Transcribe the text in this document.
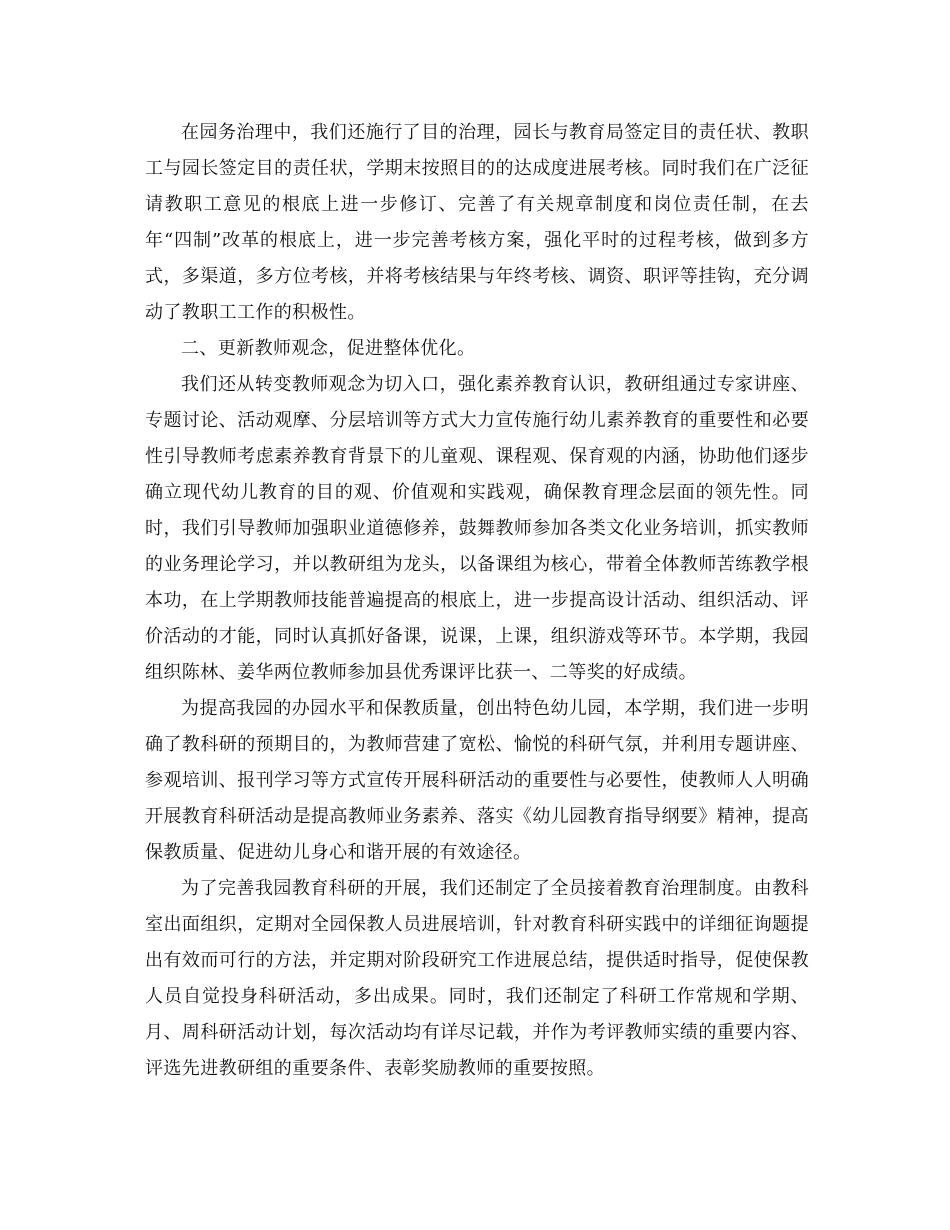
在园务治理中，我们还施行了目的治理，园长与教育局签定目的责任状、教职工与园长签定目的责任状，学期末按照目的的达成度进展考核。同时我们在广泛征请教职工意见的根底上进一步修订、完善了有关规章制度和岗位责任制，在去年“四制”改革的根底上，进一步完善考核方案，强化平时的过程考核，做到多方式，多渠道，多方位考核，并将考核结果与年终考核、调资、职评等挂钩，充分调动了教职工工作的积极性。

二、更新教师观念，促进整体优化。

我们还从转变教师观念为切入口，强化素养教育认识，教研组通过专家讲座、专题讨论、活动观摩、分层培训等方式大力宣传施行幼儿素养教育的重要性和必要性引导教师考虑素养教育背景下的儿童观、课程观、保育观的内涵，协助他们逐步确立现代幼儿教育的目的观、价值观和实践观，确保教育理念层面的领先性。同时，我们引导教师加强职业道德修养，鼓舞教师参加各类文化业务培训，抓实教师的业务理论学习，并以教研组为龙头，以备课组为核心，带着全体教师苦练教学根本功，在上学期教师技能普遍提高的根底上，进一步提高设计活动、组织活动、评价活动的才能，同时认真抓好备课，说课，上课，组织游戏等环节。本学期，我园组织陈林、姜华两位教师参加县优秀课评比获一、二等奖的好成绩。

为提高我园的办园水平和保教质量，创出特色幼儿园，本学期，我们进一步明确了教科研的预期目的，为教师营建了宽松、愉悦的科研气氛，并利用专题讲座、参观培训、报刊学习等方式宣传开展科研活动的重要性与必要性，使教师人人明确开展教育科研活动是提高教师业务素养、落实《幼儿园教育指导纲要》精神，提高保教质量、促进幼儿身心和谐开展的有效途径。

为了完善我园教育科研的开展，我们还制定了全员接着教育治理制度。由教科室出面组织，定期对全园保教人员进展培训，针对教育科研实践中的详细征询题提出有效而可行的方法，并定期对阶段研究工作进展总结，提供适时指导，促使保教人员自觉投身科研活动，多出成果。同时，我们还制定了科研工作常规和学期、月、周科研活动计划，每次活动均有详尽记载，并作为考评教师实绩的重要内容、评选先进教研组的重要条件、表彰奖励教师的重要按照。
